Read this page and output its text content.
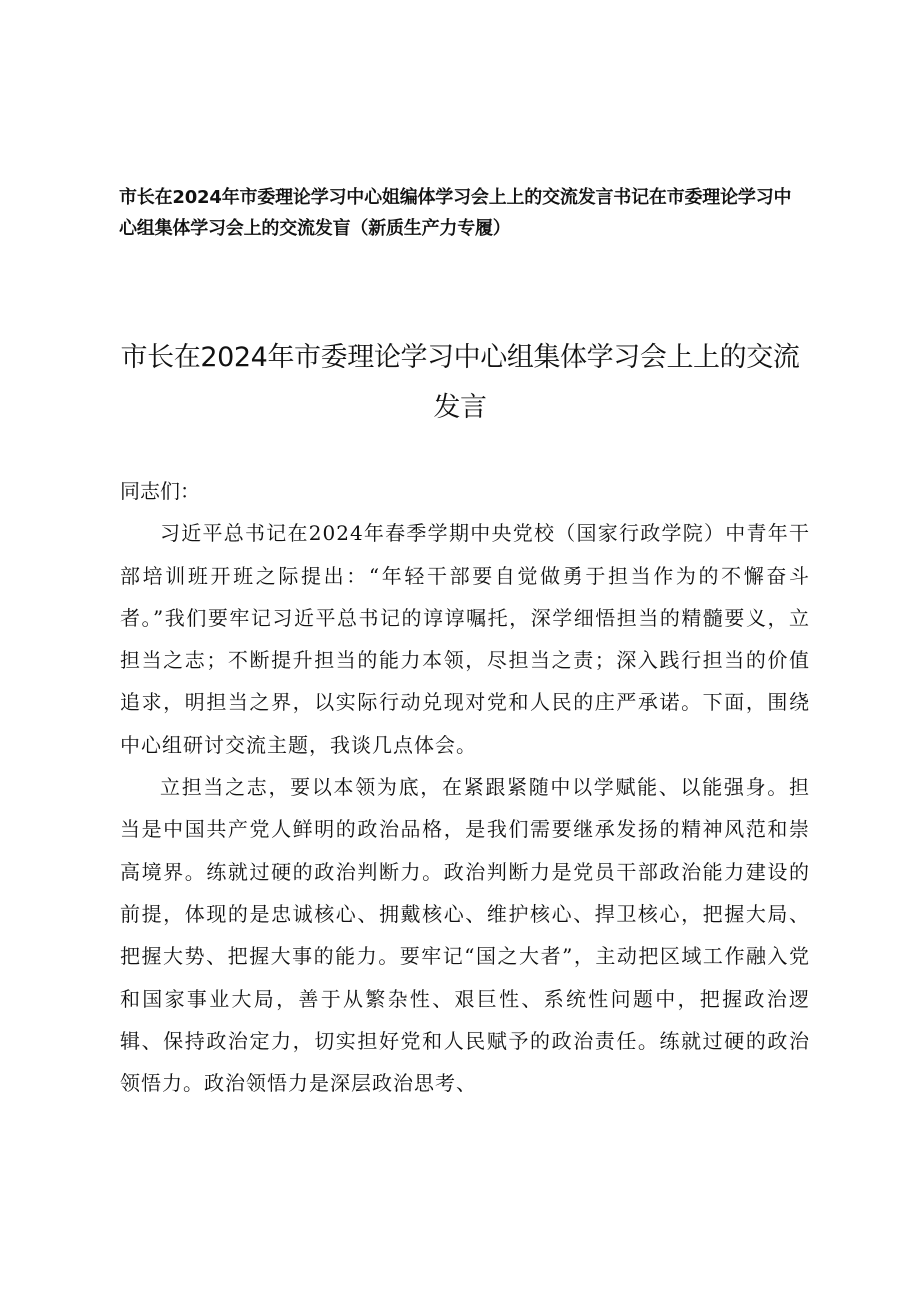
市长在2024年市委理论学习中心姐编体学习会上上的交流发言书记在市委理论学习中心组集体学习会上的交流发盲（新质生产力专履）

市长在2024年市委理论学习中心组集体学习会上上的交流发言

同志们：

习近平总书记在2024年春季学期中央党校（国家行政学院）中青年干部培训班开班之际提出：“年轻干部要自觉做勇于担当作为的不懈奋斗者。”我们要牢记习近平总书记的谆谆嘱托，深学细悟担当的精髓要义，立担当之志；不断提升担当的能力本领，尽担当之责；深入践行担当的价值追求，明担当之界，以实际行动兑现对党和人民的庄严承诺。下面，围绕中心组研讨交流主题，我谈几点体会。

立担当之志，要以本领为底，在紧跟紧随中以学赋能、以能强身。担当是中国共产党人鲜明的政治品格，是我们需要继承发扬的精神风范和崇高境界。练就过硬的政治判断力。政治判断力是党员干部政治能力建设的前提，体现的是忠诚核心、拥戴核心、维护核心、捍卫核心，把握大局、把握大势、把握大事的能力。要牢记“国之大者”，主动把区域工作融入党和国家事业大局，善于从繁杂性、艰巨性、系统性问题中，把握政治逻辑、保持政治定力，切实担好党和人民赋予的政治责任。练就过硬的政治领悟力。政治领悟力是深层政治思考、
